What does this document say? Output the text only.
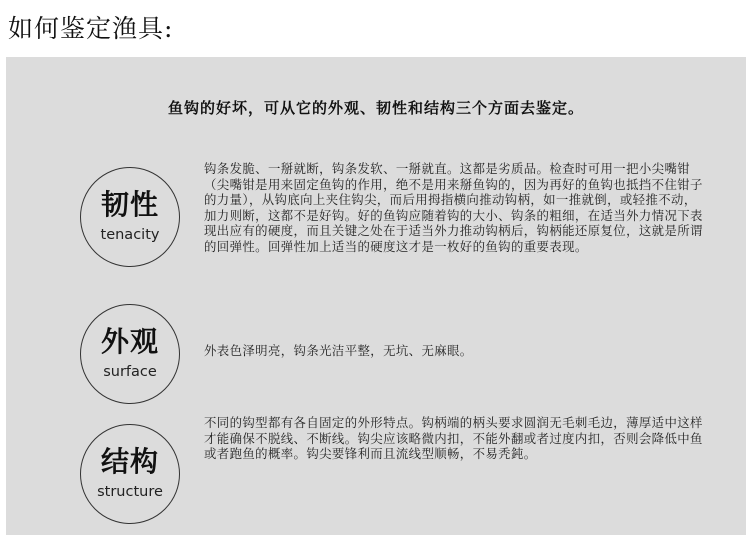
如何鉴定渔具:
鱼钩的好坏，可从它的外观、韧性和结构三个方面去鉴定。
韧性
tenacity
钩条发脆、一掰就断，钩条发软、一掰就直。这都是劣质品。检查时可用一把小尖嘴钳（尖嘴钳是用来固定鱼钩的作用，绝不是用来掰鱼钩的，因为再好的鱼钩也抵挡不住钳子的力量），从钩底向上夹住钩尖，而后用拇指横向推动钩柄，如一推就倒，或轻推不动，加力则断，这都不是好钩。好的鱼钩应随着钩的大小、钩条的粗细，在适当外力情况下表现出应有的硬度，而且关键之处在于适当外力推动钩柄后，钩柄能还原复位，这就是所谓的回弹性。回弹性加上适当的硬度这才是一枚好的鱼钩的重要表现。
外观
surface
外表色泽明亮，钩条光洁平整，无坑、无麻眼。
结构
structure
不同的钩型都有各自固定的外形特点。钩柄端的柄头要求圆润无毛刺毛边，薄厚适中这样才能确保不脱线、不断线。钩尖应该略微内扣，不能外翻或者过度内扣，否则会降低中鱼或者跑鱼的概率。钩尖要锋利而且流线型顺畅，不易秃鈍。
